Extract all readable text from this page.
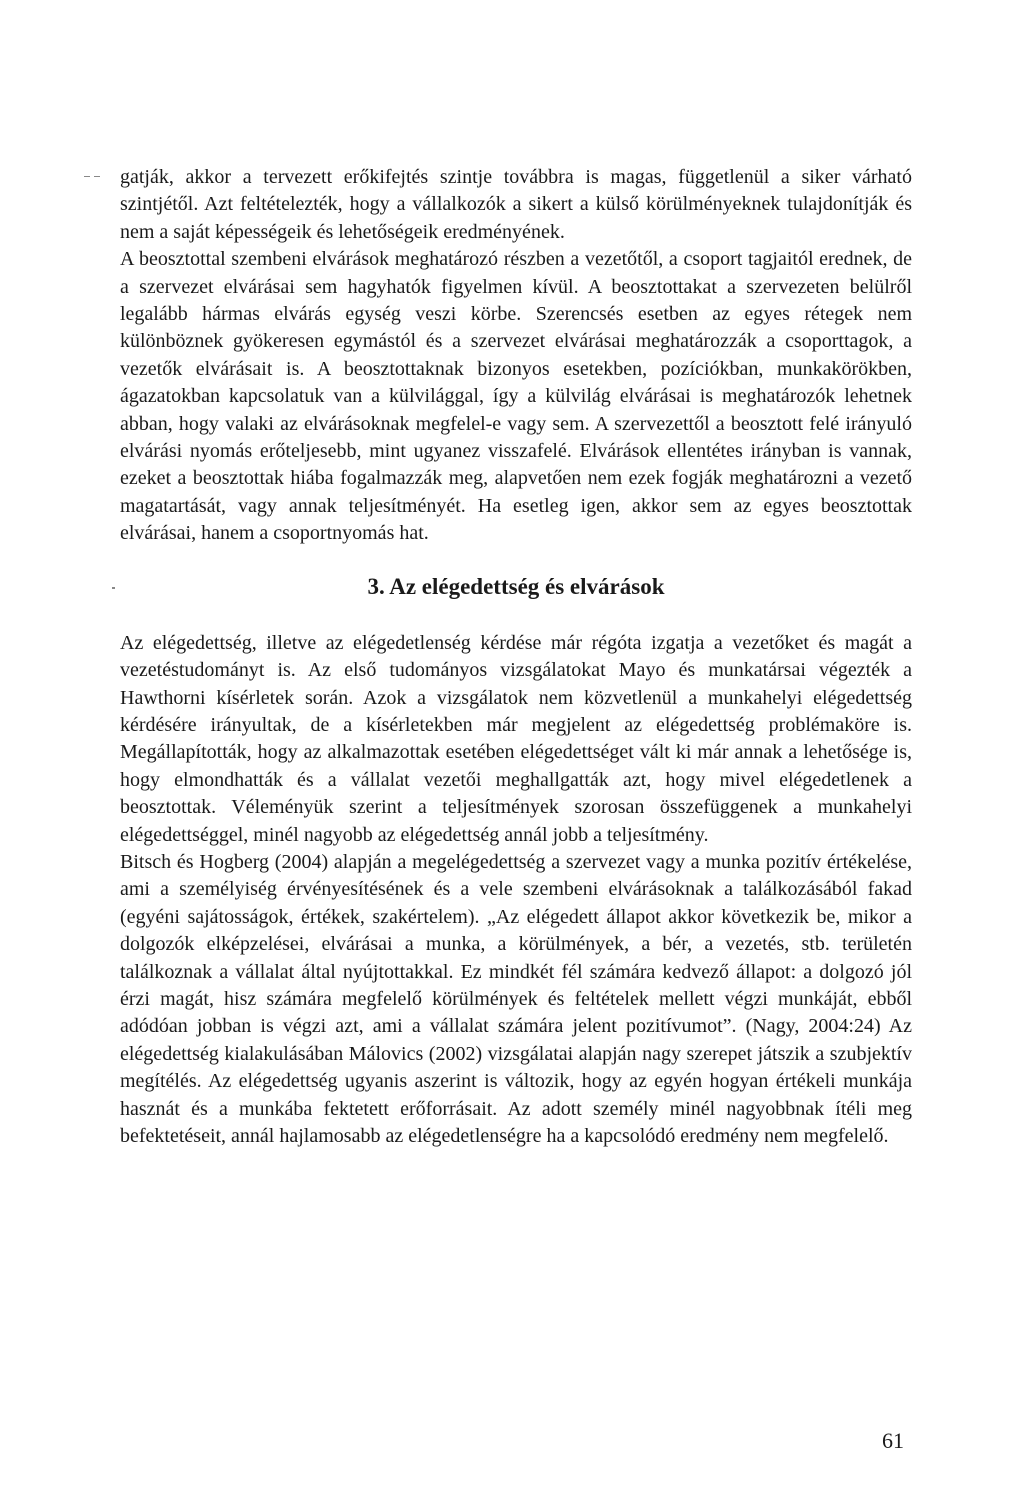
gatják, akkor a tervezett erőkifejtés szintje továbbra is magas, függetlenül a siker várható szintjétől. Azt feltételezték, hogy a vállalkozók a sikert a külső körülményeknek tulajdonítják és nem a saját képességeik és lehetőségeik eredményének.

A beosztottal szembeni elvárások meghatározó részben a vezetőtől, a csoport tagjaitól erednek, de a szervezet elvárásai sem hagyhatók figyelmen kívül. A beosztottakat a szervezeten belülről legalább hármas elvárás egység veszi körbe. Szerencsés esetben az egyes rétegek nem különböznek gyökeresen egymástól és a szervezet elvárásai meghatározzák a csoporttagok, a vezetők elvárásait is. A beosztottaknak bizonyos esetekben, pozíciókban, munkakörökben, ágazatokban kapcsolatuk van a külvilággal, így a külvilág elvárásai is meghatározók lehetnek abban, hogy valaki az elvárásoknak megfelel-e vagy sem. A szervezettől a beosztott felé irányuló elvárási nyomás erőteljesebb, mint ugyanez visszafelé. Elvárások ellentétes irányban is vannak, ezeket a beosztottak hiába fogalmazzák meg, alapvetően nem ezek fogják meghatározni a vezető magatartását, vagy annak teljesítményét. Ha esetleg igen, akkor sem az egyes beosztottak elvárásai, hanem a csoportnyomás hat.

3. Az elégedettség és elvárások

Az elégedettség, illetve az elégedetlenség kérdése már régóta izgatja a vezetőket és magát a vezetéstudományt is. Az első tudományos vizsgálatokat Mayo és munkatársai végezték a Hawthorni kísérletek során. Azok a vizsgálatok nem közvetlenül a munkahelyi elégedettség kérdésére irányultak, de a kísérletekben már megjelent az elégedettség problémaköre is. Megállapították, hogy az alkalmazottak esetében elégedettséget vált ki már annak a lehetősége is, hogy elmondhatták és a vállalat vezetői meghallgatták azt, hogy mivel elégedetlenek a beosztottak. Véleményük szerint a teljesítmények szorosan összefüggenek a munkahelyi elégedettséggel, minél nagyobb az elégedettség annál jobb a teljesítmény.

Bitsch és Hogberg (2004) alapján a megelégedettség a szervezet vagy a munka pozitív értékelése, ami a személyiség érvényesítésének és a vele szembeni elvárásoknak a találkozásából fakad (egyéni sajátosságok, értékek, szakértelem). „Az elégedett állapot akkor következik be, mikor a dolgozók elképzelései, elvárásai a munka, a körülmények, a bér, a vezetés, stb. területén találkoznak a vállalat által nyújtottakkal. Ez mindkét fél számára kedvező állapot: a dolgozó jól érzi magát, hisz számára megfelelő körülmények és feltételek mellett végzi munkáját, ebből adódóan jobban is végzi azt, ami a vállalat számára jelent pozitívumot”. (Nagy, 2004:24) Az elégedettség kialakulásában Málovics (2002) vizsgálatai alapján nagy szerepet játszik a szubjektív megítélés. Az elégedettség ugyanis aszerint is változik, hogy az egyén hogyan értékeli munkája hasznát és a munkába fektetett erőforrásait. Az adott személy minél nagyobbnak ítéli meg befektetéseit, annál hajlamosabb az elégedetlenségre ha a kapcsolódó eredmény nem megfelelő.

61
